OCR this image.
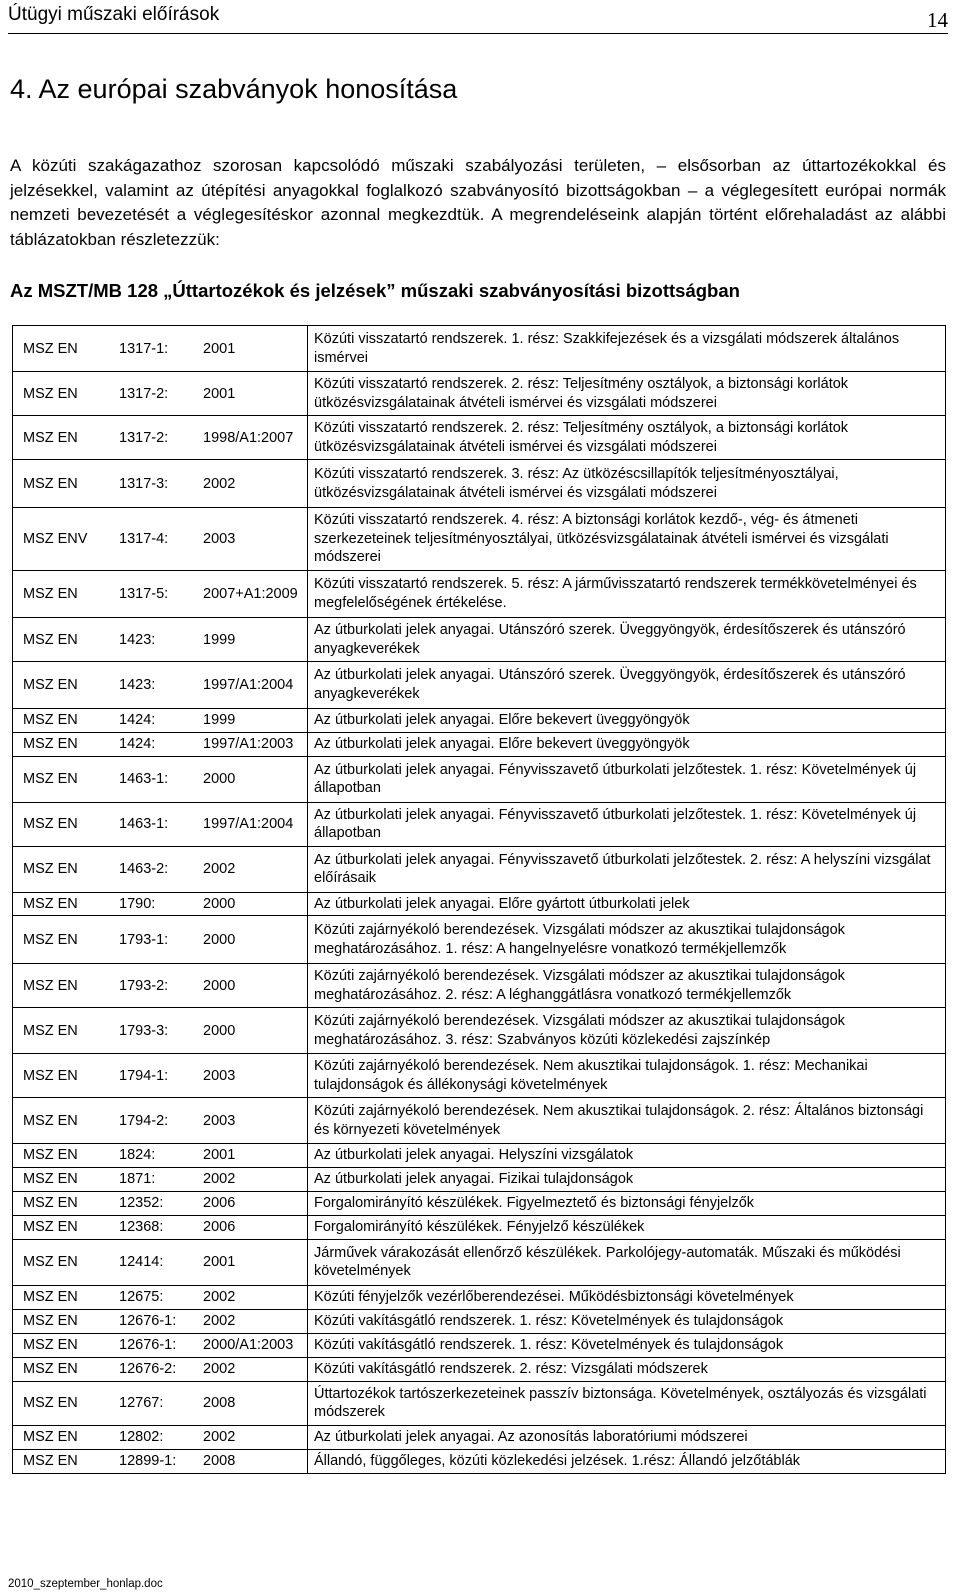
Útügyi műszaki előírások	14
4. Az európai szabványok honosítása

A közúti szakágazathoz szorosan kapcsolódó műszaki szabályozási területen, – elsősorban az úttartozékokkal és jelzésekkel, valamint az útépítési anyagokkal foglalkozó szabványosító bizottságokban – a véglegesített európai normák nemzeti bevezetését a véglegesítéskor azonnal megkezdtük. A megrendeléseink alapján történt előrehaladást az alábbi táblázatokban részletezzük:

Az MSZT/MB 128 „Úttartozékok és jelzések” műszaki szabványosítási bizottságban
MSZ EN 1317-1: 2001	Közúti visszatartó rendszerek. 1. rész: Szakkifejezések és a vizsgálati módszerek általános ismérvei

MSZ EN 1317-2: 2001	Közúti visszatartó rendszerek. 2. rész: Teljesítmény osztályok, a biztonsági korlátok ütközésvizsgálatainak átvételi ismérvei és vizsgálati módszerei

MSZ EN 1317-2: 1998/A1:2007	Közúti visszatartó rendszerek. 2. rész: Teljesítmény osztályok, a biztonsági korlátok ütközésvizsgálatainak átvételi ismérvei és vizsgálati módszerei

MSZ EN 1317-3: 2002	Közúti visszatartó rendszerek. 3. rész: Az ütközéscsillapítók teljesítményosztályai, ütközésvizsgálatainak átvételi ismérvei és vizsgálati módszerei

MSZ ENV 1317-4: 2003	Közúti visszatartó rendszerek. 4. rész: A biztonsági korlátok kezdő-, vég- és átmeneti szerkezeteinek teljesítményosztályai, ütközésvizsgálatainak átvételi ismérvei és vizsgálati módszerei

MSZ EN 1317-5: 2007+A1:2009	Közúti visszatartó rendszerek. 5. rész: A járművisszatartó rendszerek termékkövetelményei és megfelelőségének értékelése.

MSZ EN 1423: 1999	Az útburkolati jelek anyagai. Utánszóró szerek. Üveggyöngyök, érdesítőszerek és utánszóró anyagkeverékek

MSZ EN 1423: 1997/A1:2004	Az útburkolati jelek anyagai. Utánszóró szerek. Üveggyöngyök, érdesítőszerek és utánszóró anyagkeverékek

MSZ EN 1424: 1999	Az útburkolati jelek anyagai. Előre bekevert üveggyöngyök

MSZ EN 1424: 1997/A1:2003	Az útburkolati jelek anyagai. Előre bekevert üveggyöngyök

MSZ EN 1463-1: 2000	Az útburkolati jelek anyagai. Fényvisszavető útburkolati jelzőtestek. 1. rész: Követelmények új állapotban

MSZ EN 1463-1: 1997/A1:2004	Az útburkolati jelek anyagai. Fényvisszavető útburkolati jelzőtestek. 1. rész: Követelmények új állapotban

MSZ EN 1463-2: 2002	Az útburkolati jelek anyagai. Fényvisszavető útburkolati jelzőtestek. 2. rész: A helyszíni vizsgálat előírásaik

MSZ EN 1790: 2000	Az útburkolati jelek anyagai. Előre gyártott útburkolati jelek

MSZ EN 1793-1: 2000	Közúti zajárnyékoló berendezések. Vizsgálati módszer az akusztikai tulajdonságok meghatározásához. 1. rész: A hangelnyelésre vonatkozó termékjellemzők

MSZ EN 1793-2: 2000	Közúti zajárnyékoló berendezések. Vizsgálati módszer az akusztikai tulajdonságok meghatározásához. 2. rész: A léghanggátlásra vonatkozó termékjellemzők

MSZ EN 1793-3: 2000	Közúti zajárnyékoló berendezések. Vizsgálati módszer az akusztikai tulajdonságok meghatározásához. 3. rész: Szabványos közúti közlekedési zajszínkép

MSZ EN 1794-1: 2003	Közúti zajárnyékoló berendezések. Nem akusztikai tulajdonságok. 1. rész: Mechanikai tulajdonságok és állékonysági követelmények

MSZ EN 1794-2: 2003	Közúti zajárnyékoló berendezések. Nem akusztikai tulajdonságok. 2. rész: Általános biztonsági és környezeti követelmények

MSZ EN 1824: 2001	Az útburkolati jelek anyagai. Helyszíni vizsgálatok

MSZ EN 1871: 2002	Az útburkolati jelek anyagai. Fizikai tulajdonságok

MSZ EN 12352: 2006	Forgalomirányító készülékek. Figyelmeztető és biztonsági fényjelzők

MSZ EN 12368: 2006	Forgalomirányító készülékek. Fényjelző készülékek

MSZ EN 12414: 2001	Járművek várakozását ellenőrző készülékek. Parkolójegy-automaták. Műszaki és működési követelmények

MSZ EN 12675: 2002	Közúti fényjelzők vezérlőberendezései. Működésbiztonsági követelmények

MSZ EN 12676-1: 2002	Közúti vakításgátló rendszerek. 1. rész: Követelmények és tulajdonságok

MSZ EN 12676-1: 2000/A1:2003	Közúti vakításgátló rendszerek. 1. rész: Követelmények és tulajdonságok

MSZ EN 12676-2: 2002	Közúti vakításgátló rendszerek. 2. rész: Vizsgálati módszerek

MSZ EN 12767: 2008	Úttartozékok tartószerkezeteinek passzív biztonsága. Követelmények, osztályozás és vizsgálati módszerek

MSZ EN 12802: 2002	Az útburkolati jelek anyagai. Az azonosítás laboratóriumi módszerei

MSZ EN 12899-1: 2008	Állandó, függőleges, közúti közlekedési jelzések. 1.rész: Állandó jelzőtáblák
2010_szeptember_honlap.doc
